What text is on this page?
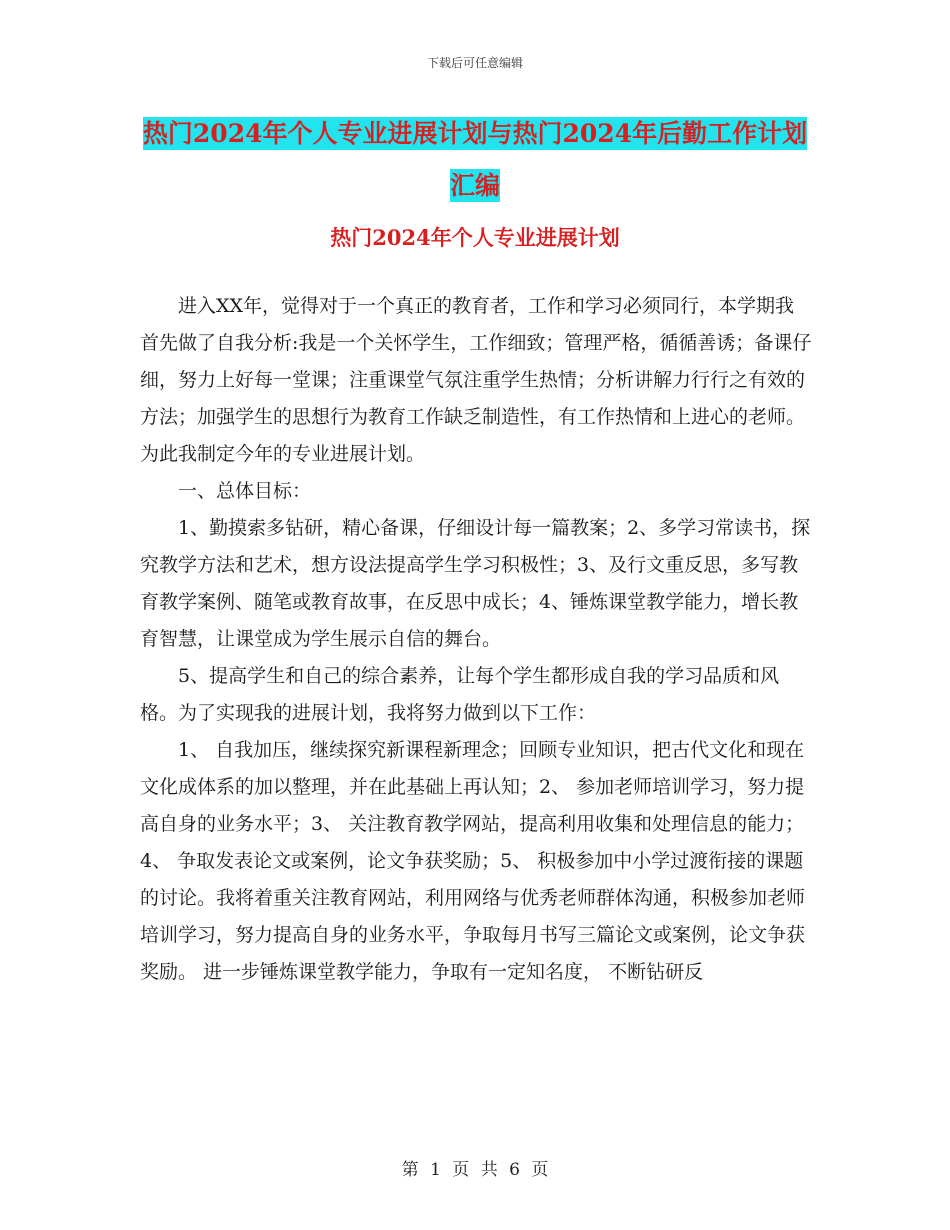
下载后可任意编辑
热门2024年个人专业进展计划与热门2024年后勤工作计划汇编
热门2024年个人专业进展计划

进入XX年，觉得对于一个真正的教育者，工作和学习必须同行，本学期我首先做了自我分析:我是一个关怀学生，工作细致；管理严格，循循善诱；备课仔细，努力上好每一堂课；注重课堂气氛注重学生热情；分析讲解力行行之有效的方法；加强学生的思想行为教育工作缺乏制造性，有工作热情和上进心的老师。为此我制定今年的专业进展计划。

一、总体目标：

1、勤摸索多钻研，精心备课，仔细设计每一篇教案；2、多学习常读书，探究教学方法和艺术，想方设法提高学生学习积极性；3、及行文重反思，多写教育教学案例、随笔或教育故事，在反思中成长；4、锤炼课堂教学能力，增长教育智慧，让课堂成为学生展示自信的舞台。

5、提高学生和自己的综合素养，让每个学生都形成自我的学习品质和风格。为了实现我的进展计划，我将努力做到以下工作：

1、 自我加压，继续探究新课程新理念；回顾专业知识，把古代文化和现在文化成体系的加以整理，并在此基础上再认知；2、 参加老师培训学习，努力提高自身的业务水平；3、 关注教育教学网站，提高利用收集和处理信息的能力；4、 争取发表论文或案例，论文争获奖励；5、 积极参加中小学过渡衔接的课题的讨论。我将着重关注教育网站，利用网络与优秀老师群体沟通，积极参加老师培训学习，努力提高自身的业务水平，争取每月书写三篇论文或案例，论文争获奖励。 进一步锤炼课堂教学能力，争取有一定知名度， 不断钻研反

第 1 页 共 6 页
